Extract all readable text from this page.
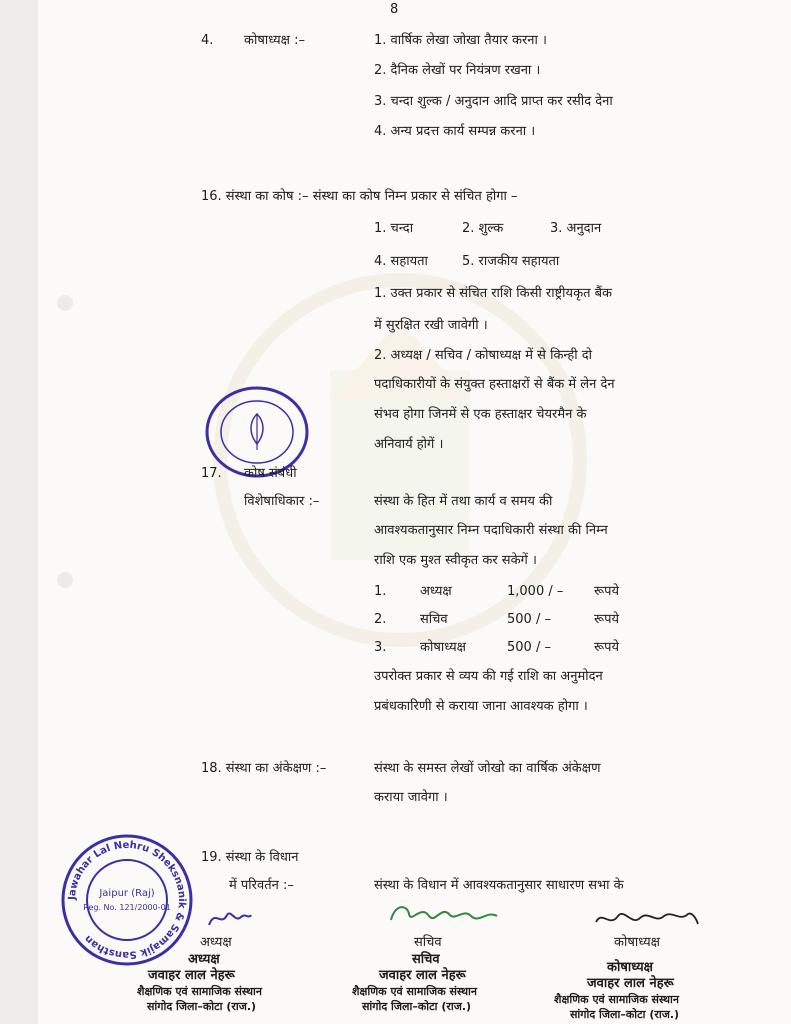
8
4. कोषाध्यक्ष :–	1. वार्षिक लेखा जोखा तैयार करना ।
2. दैनिक लेखों पर नियंत्रण रखना ।
3. चन्दा शुल्क / अनुदान आदि प्राप्त कर रसीद देना
4. अन्य प्रदत्त कार्य सम्पन्न करना ।
16. संस्था का कोष :– संस्था का कोष निम्न प्रकार से संचित होगा –
1. चन्दा	2. शुल्क	3. अनुदान
4. सहायता	5. राजकीय सहायता
1. उक्त प्रकार से संचित राशि किसी राष्ट्रीयकृत बैंक
में सुरक्षित रखी जावेगी ।
2. अध्यक्ष / सचिव / कोषाध्यक्ष में से किन्ही दो
पदाधिकारीयों के संयुक्त हस्ताक्षरों से बैंक में लेन देन
संभव होगा जिनमें से एक हस्ताक्षर चेयरमैन के
अनिवार्य होगें ।
17. कोष संबंधी
विशेषाधिकार :–	संस्था के हित में तथा कार्य व समय की
आवश्यकतानुसार निम्न पदाधिकारी संस्था की निम्न
राशि एक मुश्त स्वीकृत कर सकेगें ।
1.	अध्यक्ष	1,000 / – रूपये
2.	सचिव	500 / –	रूपये
3.	कोषाध्यक्ष	500 / –	रूपये
उपरोक्त प्रकार से व्यय की गई राशि का अनुमोदन
प्रबंधकारिणी से कराया जाना आवश्यक होगा ।
18. संस्था का अंकेक्षण :–	संस्था के समस्त लेखों जोखो का वार्षिक अंकेक्षण
कराया जावेगा ।
19. संस्था के विधान
में परिवर्तन :–	संस्था के विधान में आवश्यकतानुसार साधारण सभा के
Jawahar Lal Nehru Sheksnanik & Samajik Sansthan
Jaipur (Raj)
Reg. No. 121/2000-01
अध्यक्ष	सचिव	कोषाध्यक्ष
अध्यक्ष
जवाहर लाल नेहरू
शैक्षणिक एवं सामाजिक संस्थान
सांगोद जिला–कोटा (राज.)
सचिव
जवाहर लाल नेहरू
शैक्षणिक एवं सामाजिक संस्थान
सांगोद जिला–कोटा (राज.)
कोषाध्यक्ष
जवाहर लाल नेहरू
शैक्षणिक एवं सामाजिक संस्थान
सांगोद जिला–कोटा (राज.)
